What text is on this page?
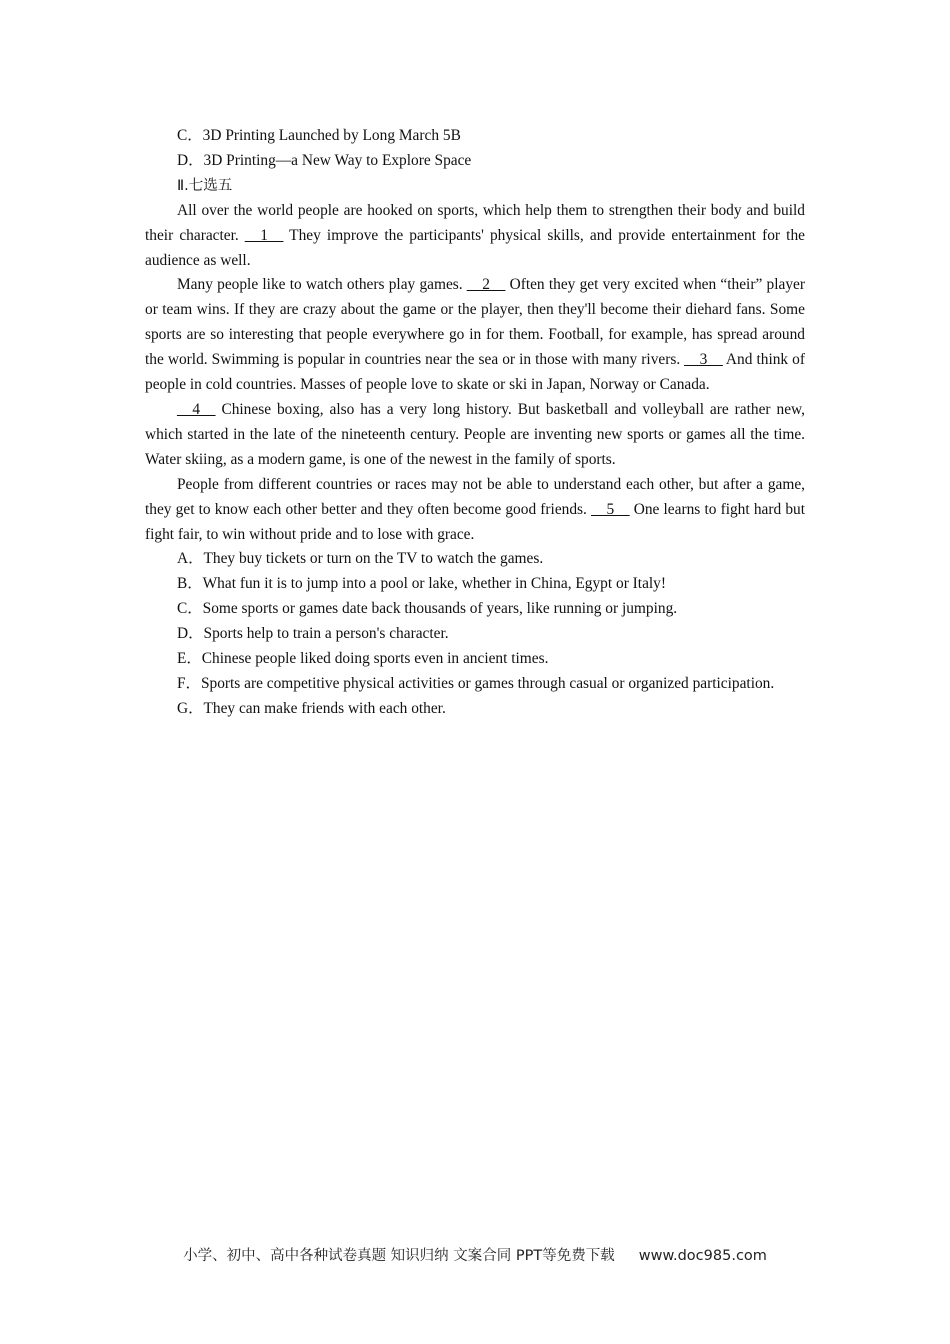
C．3D Printing Launched by Long March 5B

D．3D Printing—a New Way to Explore Space

Ⅱ.七选五

All over the world people are hooked on sports, which help them to strengthen their body and build their character. __1__ They improve the participants' physical skills, and provide entertainment for the audience as well.

Many people like to watch others play games. __2__ Often they get very excited when “their” player or team wins. If they are crazy about the game or the player, then they'll become their diehard fans. Some sports are so interesting that people everywhere go in for them. Football, for example, has spread around the world. Swimming is popular in countries near the sea or in those with many rivers. __3__ And think of people in cold countries. Masses of people love to skate or ski in Japan, Norway or Canada.

__4__ Chinese boxing, also has a very long history. But basketball and volleyball are rather new, which started in the late of the nineteenth century. People are inventing new sports or games all the time. Water skiing, as a modern game, is one of the newest in the family of sports.

People from different countries or races may not be able to understand each other, but after a game, they get to know each other better and they often become good friends. __5__ One learns to fight hard but fight fair, to win without pride and to lose with grace.

A．They buy tickets or turn on the TV to watch the games.

B．What fun it is to jump into a pool or lake, whether in China, Egypt or Italy!

C．Some sports or games date back thousands of years, like running or jumping.

D．Sports help to train a person's character.

E．Chinese people liked doing sports even in ancient times.

F．Sports are competitive physical activities or games through casual or organized participation.

G．They can make friends with each other.

小学、初中、高中各种试卷真题 知识归纳 文案合同 PPT等免费下载 www.doc985.com
